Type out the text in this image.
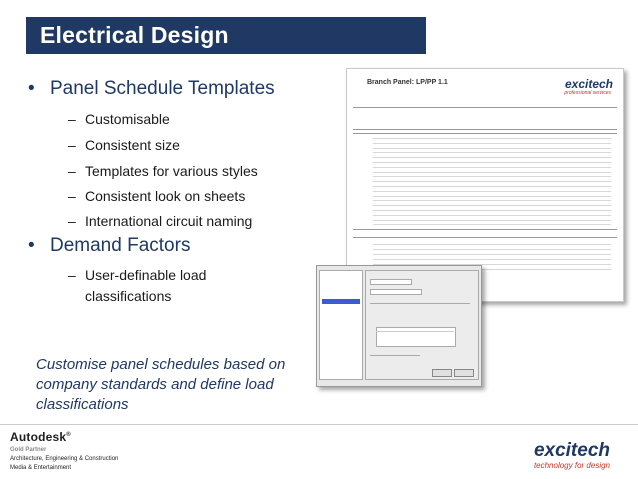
Electrical Design
• Panel Schedule Templates
– Customisable
– Consistent size
– Templates for various styles
– Consistent look on sheets
– International circuit naming
• Demand Factors
– User-definable load
classifications
Customise panel schedules based on company standards and define load classifications
Branch Panel: LP/PP 1.1	excitech
professional services
Autodesk®
Gold Partner
Architecture, Engineering & Construction
Media & Entertainment
excitech
technology for design
